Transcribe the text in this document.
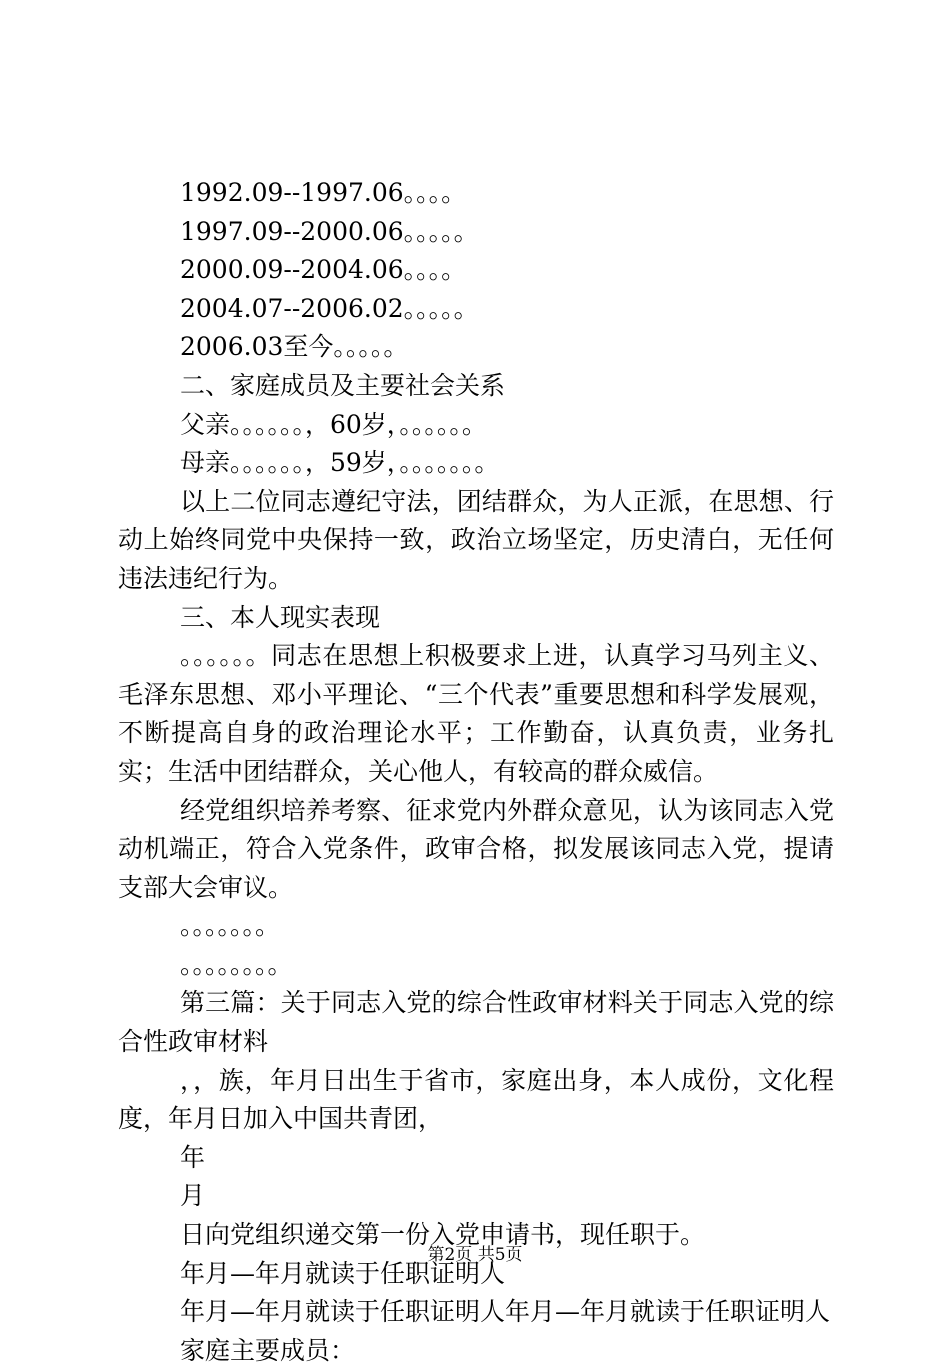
1992.09--1997.06。。。。

1997.09--2000.06。。。。。

2000.09--2004.06。。。。

2004.07--2006.02。。。。。

2006.03至今。。。。。

二、家庭成员及主要社会关系

父亲。。。。。。，60岁，。。。。。。

母亲。。。。。。，59岁，。。。。。。。

以上二位同志遵纪守法，团结群众，为人正派，在思想、行动上始终同党中央保持一致，政治立场坚定，历史清白，无任何违法违纪行为。

三、本人现实表现

。。。。。。同志在思想上积极要求上进，认真学习马列主义、毛泽东思想、邓小平理论、“三个代表”重要思想和科学发展观，不断提高自身的政治理论水平；工作勤奋，认真负责，业务扎实；生活中团结群众，关心他人，有较高的群众威信。

经党组织培养考察、征求党内外群众意见，认为该同志入党动机端正，符合入党条件，政审合格，拟发展该同志入党，提请支部大会审议。

。。。。。。。

。。。。。。。。

第三篇：关于同志入党的综合性政审材料关于同志入党的综合性政审材料

，，族，年月日出生于省市，家庭出身，本人成份，文化程度，年月日加入中国共青团，

年

月

日向党组织递交第一份入党申请书，现任职于。

年月—年月就读于任职证明人

年月—年月就读于任职证明人年月—年月就读于任职证明人

家庭主要成员：

第2页 共5页
